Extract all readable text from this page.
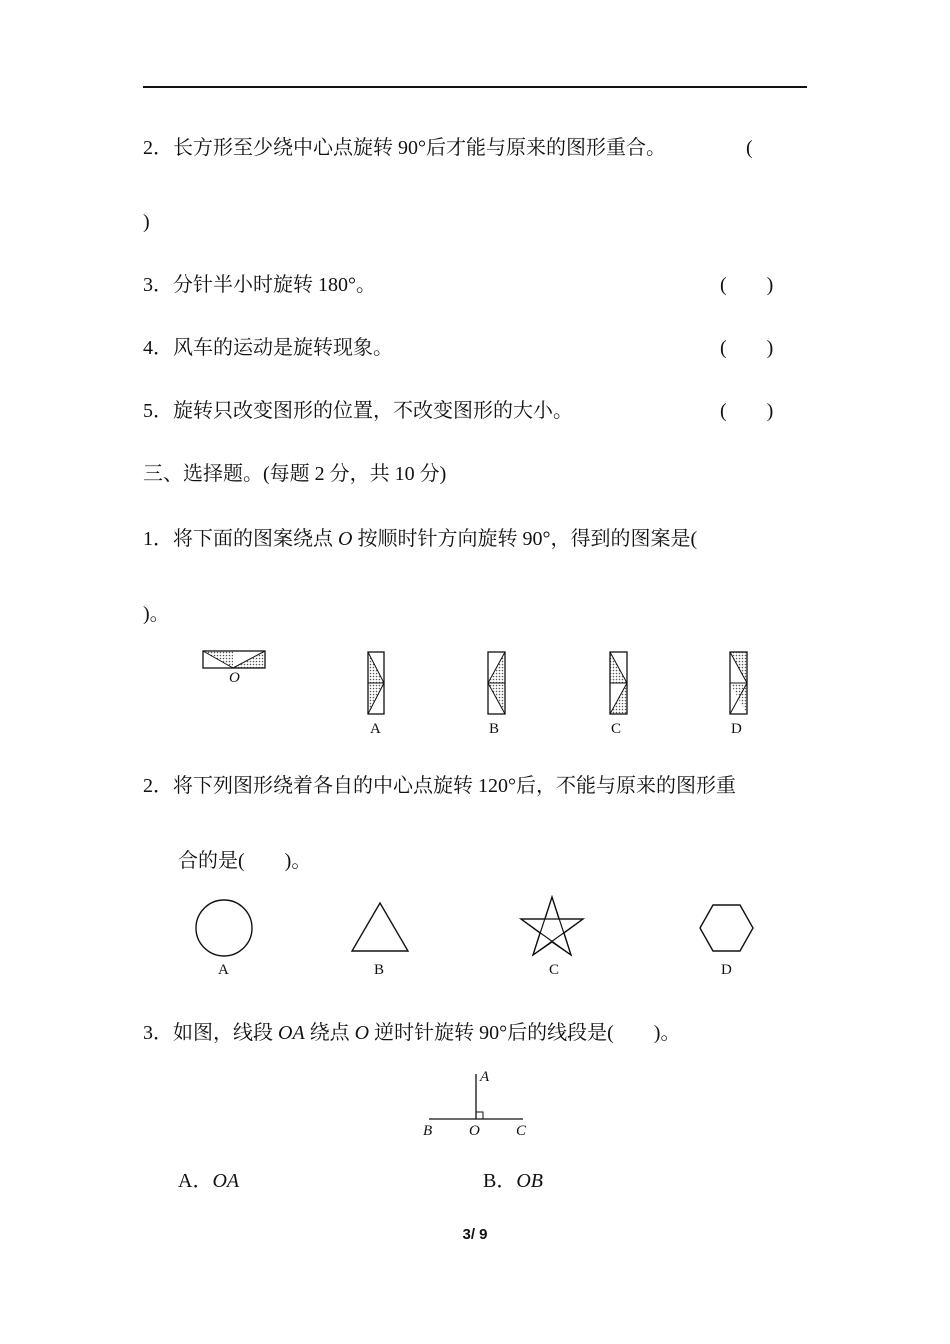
2．长方形至少绕中心点旋转 90°后才能与原来的图形重合。	(
)
3．分针半小时旋转 180°。	(　　)
4．风车的运动是旋转现象。	(　　)
5．旋转只改变图形的位置，不改变图形的大小。	(　　)
三、选择题。(每题 2 分，共 10 分)
1．将下面的图案绕点 O 按顺时针方向旋转 90°，得到的图案是(
)。
O
A	B	C	D
2．将下列图形绕着各自的中心点旋转 120°后，不能与原来的图形重
合的是(　　)。
A	B	C	D
3．如图，线段 OA 绕点 O 逆时针旋转 90°后的线段是(　　)。
A
B O C
A．OA	B．OB
3/ 9
